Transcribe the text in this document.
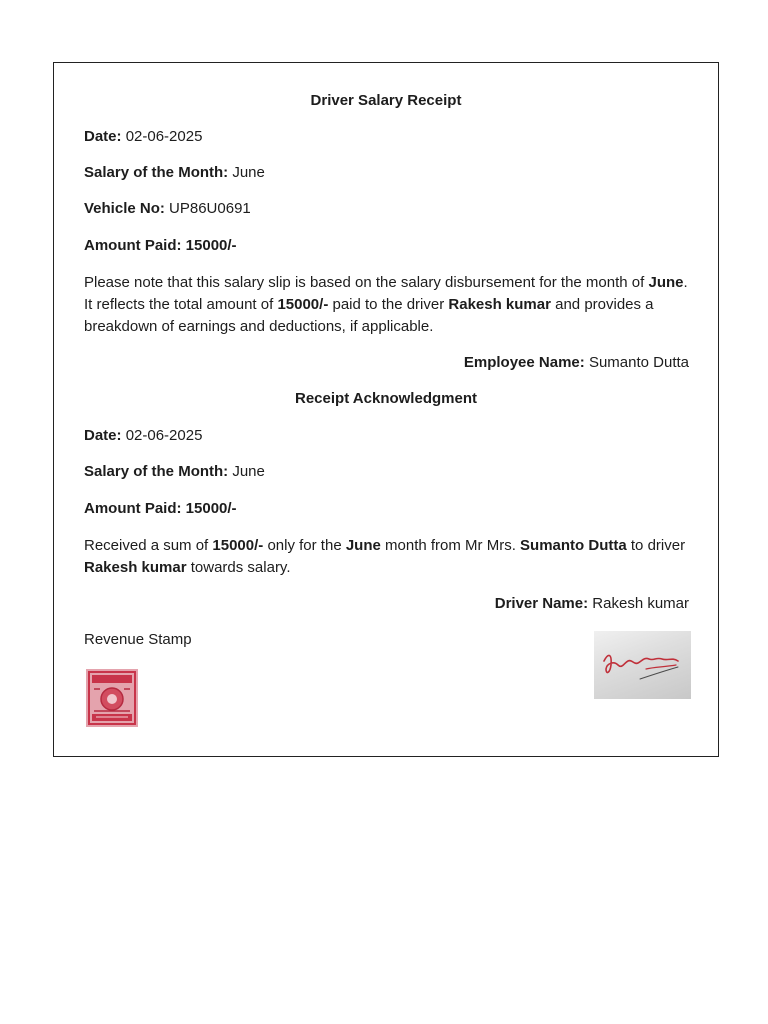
Driver Salary Receipt

Date: 02-06-2025

Salary of the Month: June

Vehicle No: UP86U0691

Amount Paid: 15000/-

Please note that this salary slip is based on the salary disbursement for the month of June. It reflects the total amount of 15000/- paid to the driver Rakesh kumar and provides a breakdown of earnings and deductions, if applicable.

Employee Name: Sumanto Dutta

Receipt Acknowledgment

Date: 02-06-2025

Salary of the Month: June

Amount Paid: 15000/-

Received a sum of 15000/- only for the June month from Mr Mrs. Sumanto Dutta to driver Rakesh kumar towards salary.

Driver Name: Rakesh kumar

Revenue Stamp
